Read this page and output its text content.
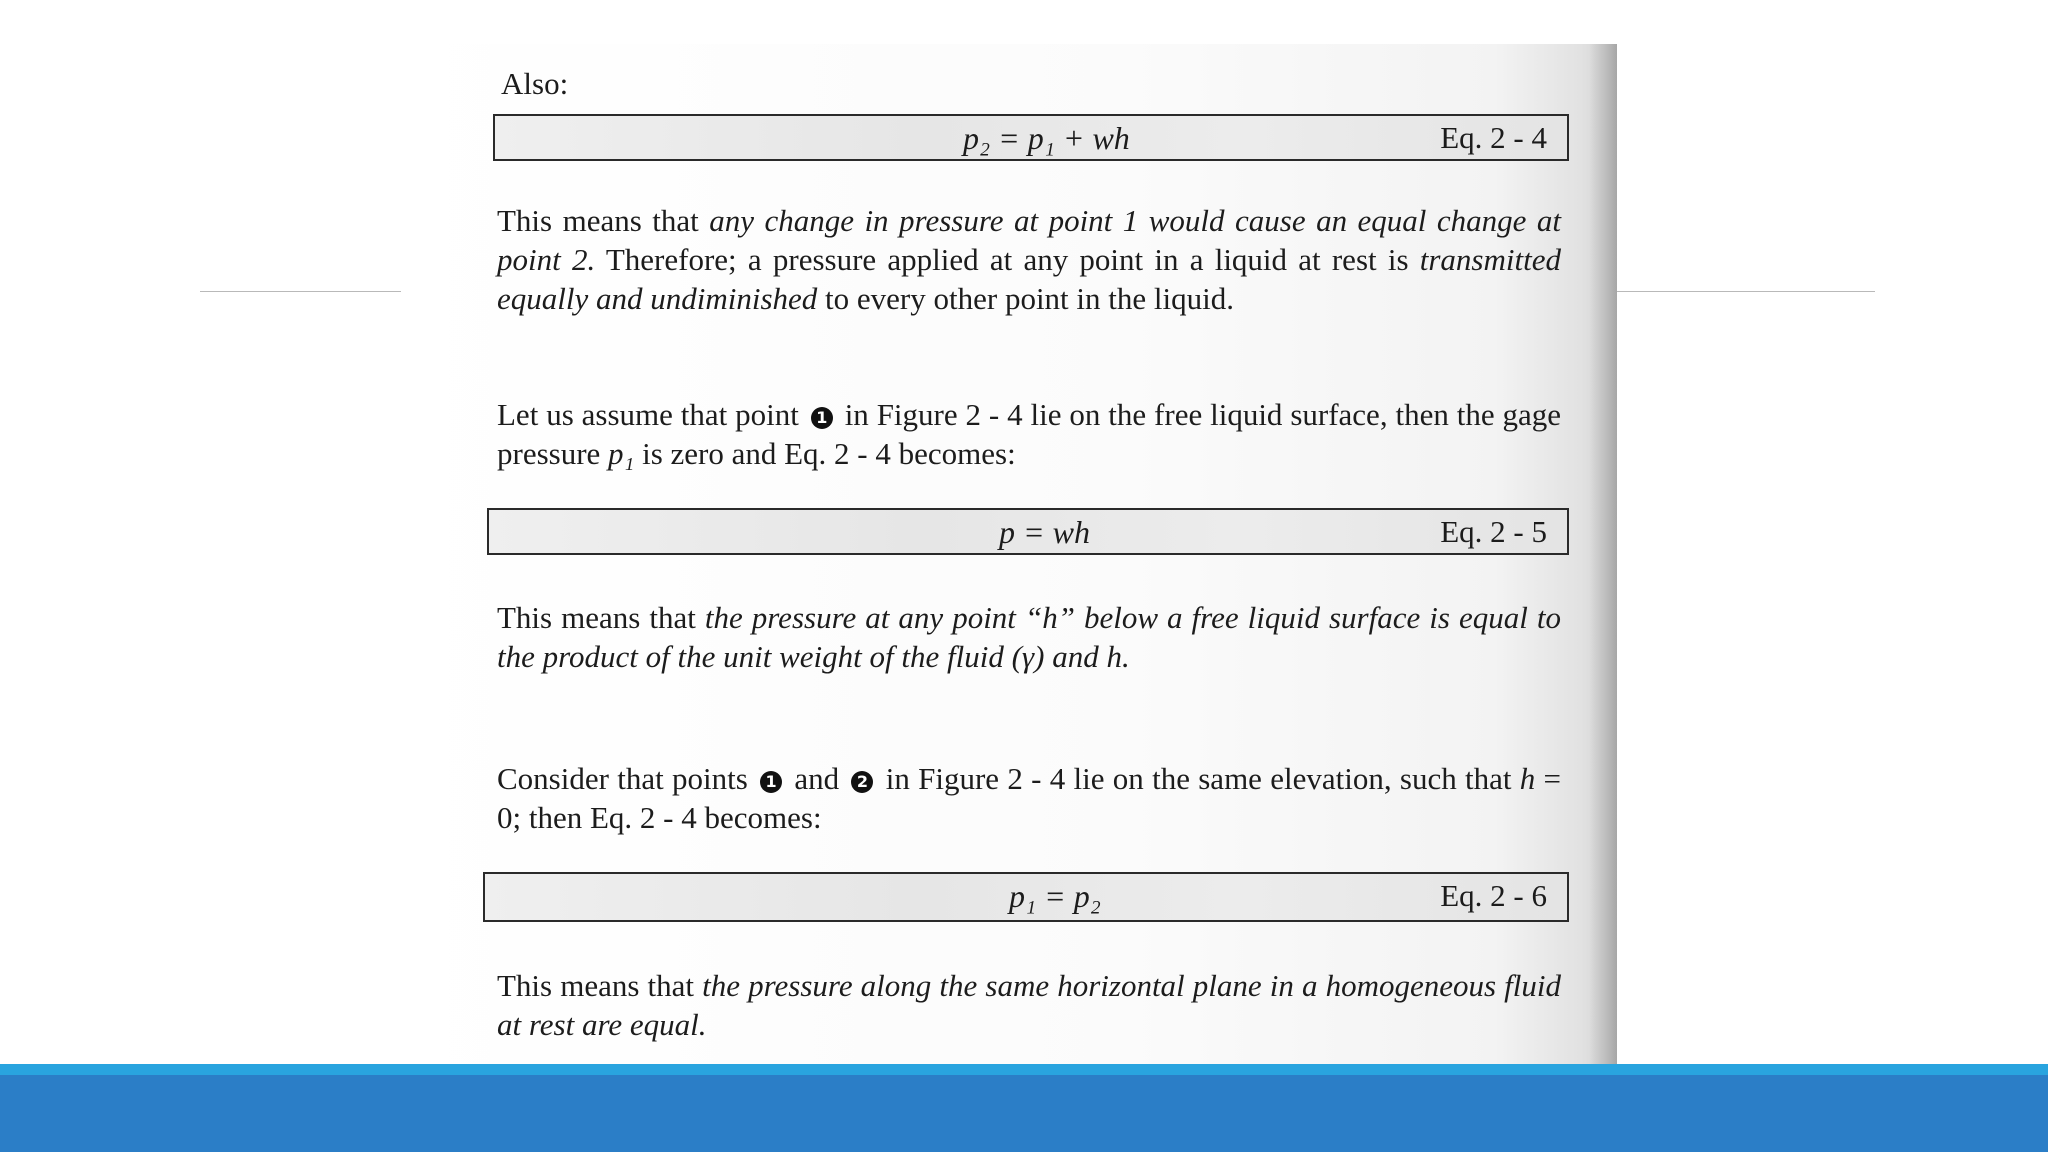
Also:

p₂ = p₁ + wh	Eq. 2 - 4

This means that any change in pressure at point 1 would cause an equal change at point 2. Therefore; a pressure applied at any point in a liquid at rest is transmitted equally and undiminished to every other point in the liquid.

Let us assume that point 1 in Figure 2 - 4 lie on the free liquid surface, then the gage pressure p₁ is zero and Eq. 2 - 4 becomes:

p = wh	Eq. 2 - 5

This means that the pressure at any point “h” below a free liquid surface is equal to the product of the unit weight of the fluid (γ) and h.

Consider that points 1 and 2 in Figure 2 - 4 lie on the same elevation, such that h = 0; then Eq. 2 - 4 becomes:

p₁ = p₂	Eq. 2 - 6

This means that the pressure along the same horizontal plane in a homogeneous fluid at rest are equal.
